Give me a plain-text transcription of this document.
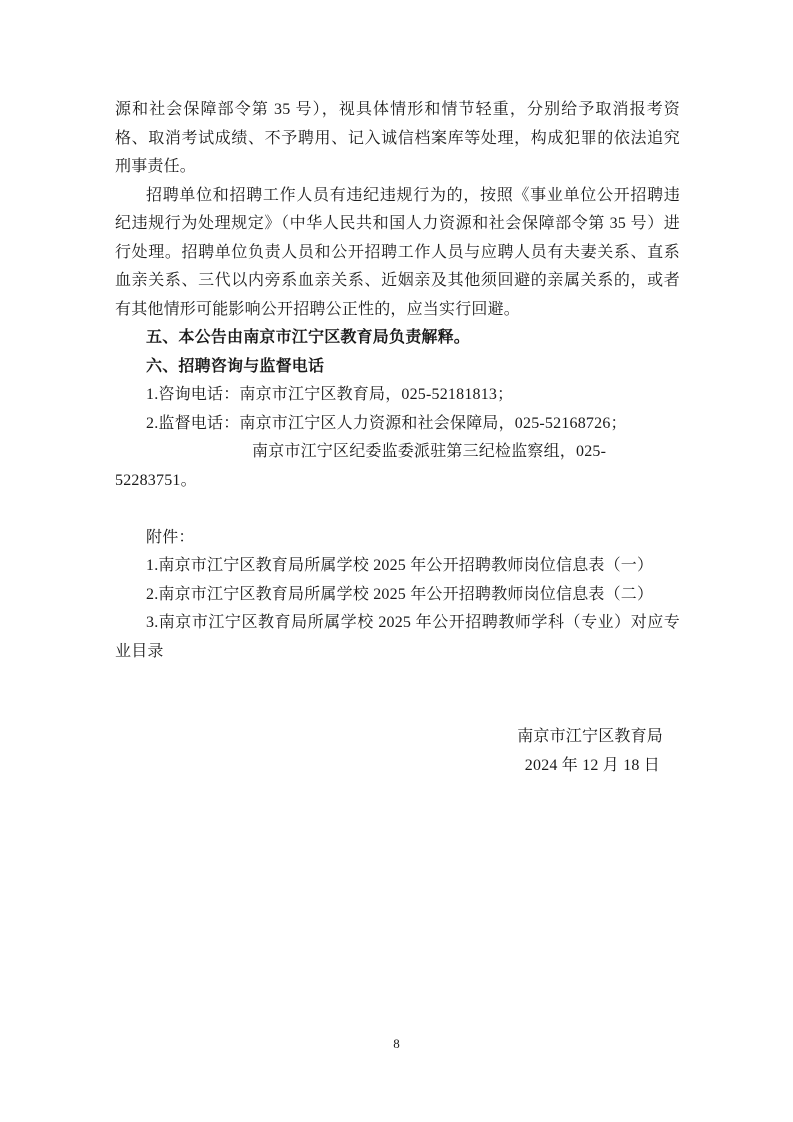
源和社会保障部令第 35 号），视具体情形和情节轻重，分别给予取消报考资格、取消考试成绩、不予聘用、记入诚信档案库等处理，构成犯罪的依法追究刑事责任。

招聘单位和招聘工作人员有违纪违规行为的，按照《事业单位公开招聘违纪违规行为处理规定》（中华人民共和国人力资源和社会保障部令第 35 号）进行处理。招聘单位负责人员和公开招聘工作人员与应聘人员有夫妻关系、直系血亲关系、三代以内旁系血亲关系、近姻亲及其他须回避的亲属关系的，或者有其他情形可能影响公开招聘公正性的，应当实行回避。

五、本公告由南京市江宁区教育局负责解释。

六、招聘咨询与监督电话

1.咨询电话：南京市江宁区教育局，025-52181813；

2.监督电话：南京市江宁区人力资源和社会保障局，025-52168726；

南京市江宁区纪委监委派驻第三纪检监察组，025-52283751。

附件：

1.南京市江宁区教育局所属学校 2025 年公开招聘教师岗位信息表（一）

2.南京市江宁区教育局所属学校 2025 年公开招聘教师岗位信息表（二）

3.南京市江宁区教育局所属学校 2025 年公开招聘教师学科（专业）对应专业目录

南京市江宁区教育局

2024 年 12 月 18 日

8
